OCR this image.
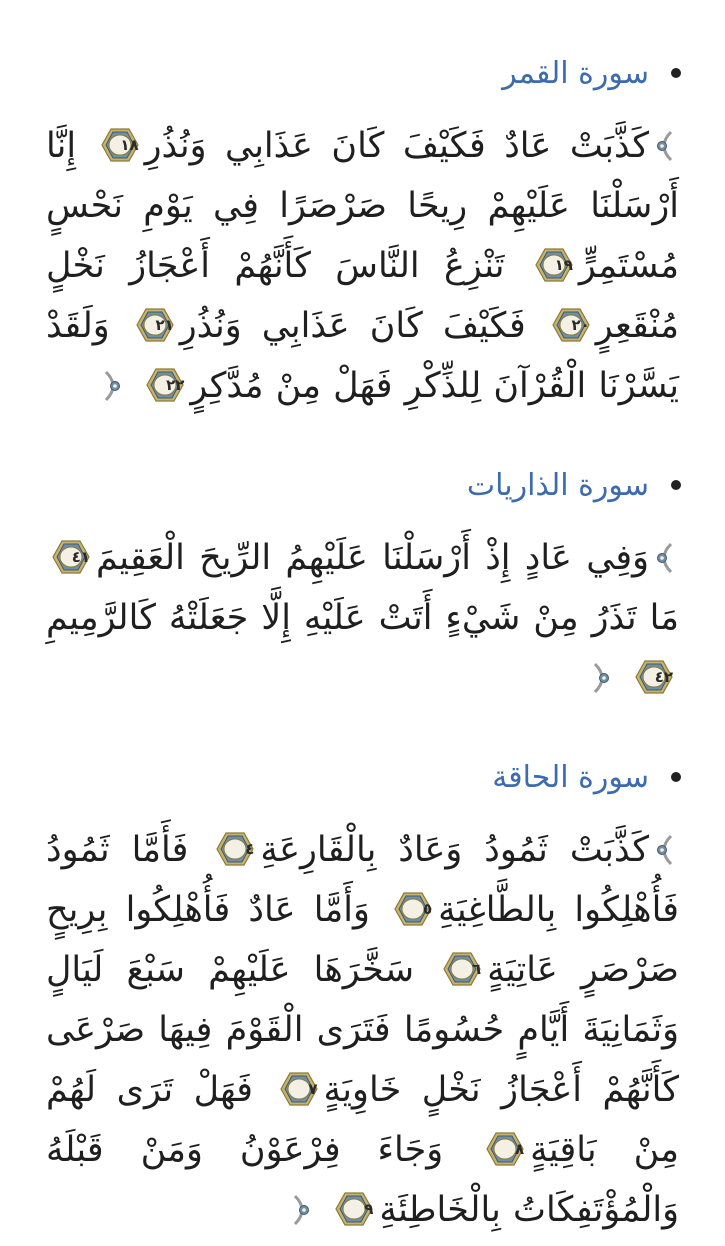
سورة القمر
كَذَّبَتْ عَادٌ فَكَيْفَ كَانَ عَذَابِي وَنُذُرِ
١٨
إِنَّا أَرْسَلْنَا عَلَيْهِمْ رِيحًا صَرْصَرًا فِي يَوْمِ نَحْسٍ مُسْتَمِرٍّ
١٩
تَنْزِعُ النَّاسَ كَأَنَّهُمْ أَعْجَازُ نَخْلٍ مُنْقَعِرٍ
٢٠
فَكَيْفَ كَانَ عَذَابِي وَنُذُرِ
٢١
وَلَقَدْ يَسَّرْنَا الْقُرْآنَ لِلذِّكْرِ فَهَلْ مِنْ مُدَّكِرٍ
٢٢

سورة الذاريات
وَفِي عَادٍ إِذْ أَرْسَلْنَا عَلَيْهِمُ الرِّيحَ الْعَقِيمَ
٤١
مَا تَذَرُ مِنْ شَيْءٍ أَتَتْ عَلَيْهِ إِلَّا جَعَلَتْهُ كَالرَّمِيمِ
٤٢

سورة الحاقة
كَذَّبَتْ ثَمُودُ وَعَادٌ بِالْقَارِعَةِ
٤
فَأَمَّا ثَمُودُ فَأُهْلِكُوا بِالطَّاغِيَةِ
٥
وَأَمَّا عَادٌ فَأُهْلِكُوا بِرِيحٍ صَرْصَرٍ عَاتِيَةٍ
٦
سَخَّرَهَا عَلَيْهِمْ سَبْعَ لَيَالٍ وَثَمَانِيَةَ أَيَّامٍ حُسُومًا فَتَرَى الْقَوْمَ فِيهَا صَرْعَى كَأَنَّهُمْ أَعْجَازُ نَخْلٍ خَاوِيَةٍ
٧
فَهَلْ تَرَى لَهُمْ مِنْ بَاقِيَةٍ
٨
وَجَاءَ فِرْعَوْنُ وَمَنْ قَبْلَهُ وَالْمُؤْتَفِكَاتُ بِالْخَاطِئَةِ
٩
